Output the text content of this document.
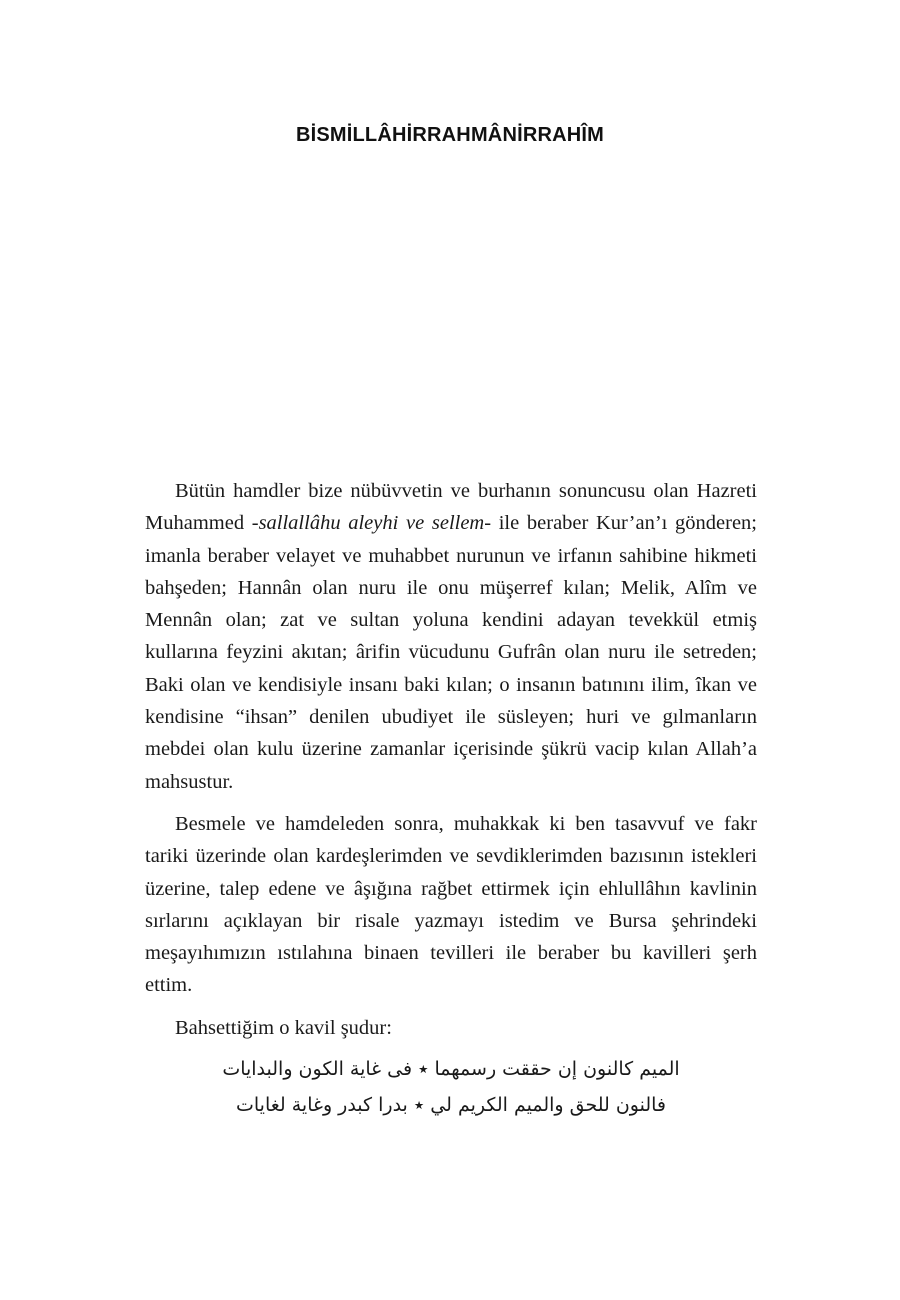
BİSMİLLÂHİRRAHMÂNİRRAHÎM

Bütün hamdler bize nübüvvetin ve burhanın sonuncusu olan Hazreti Muhammed -sallallâhu aleyhi ve sellem- ile beraber Kur’an’ı gönderen; imanla beraber velayet ve muhabbet nurunun ve irfanın sahibine hikmeti bahşeden; Hannân olan nuru ile onu müşerref kılan; Melik, Alîm ve Mennân olan; zat ve sultan yoluna kendini adayan tevekkül etmiş kullarına feyzini akıtan; ârifin vücudunu Gufrân olan nuru ile setreden; Baki olan ve kendisiyle insanı baki kılan; o insanın batınını ilim, îkan ve kendisine “ihsan” denilen ubudiyet ile süsleyen; huri ve gılmanların mebdei olan kulu üzerine zamanlar içerisinde şükrü vacip kılan Allah’a mahsustur.

Besmele ve hamdeleden sonra, muhakkak ki ben tasavvuf ve fakr tariki üzerinde olan kardeşlerimden ve sevdiklerimden bazısının istekleri üzerine, talep edene ve âşığına rağbet ettirmek için ehlullâhın kavlinin sırlarını açıklayan bir risale yazmayı istedim ve Bursa şehrindeki meşayıhımızın ıstılahına binaen tevilleri ile beraber bu kavilleri şerh ettim.

Bahsettiğim o kavil şudur:

الميم كالنون إن حققت رسمهما ٭ فى غاية الكون والبدايات
فالنون للحق والميم الكريم لي ٭ بدرا كبدر وغاية لغايات
